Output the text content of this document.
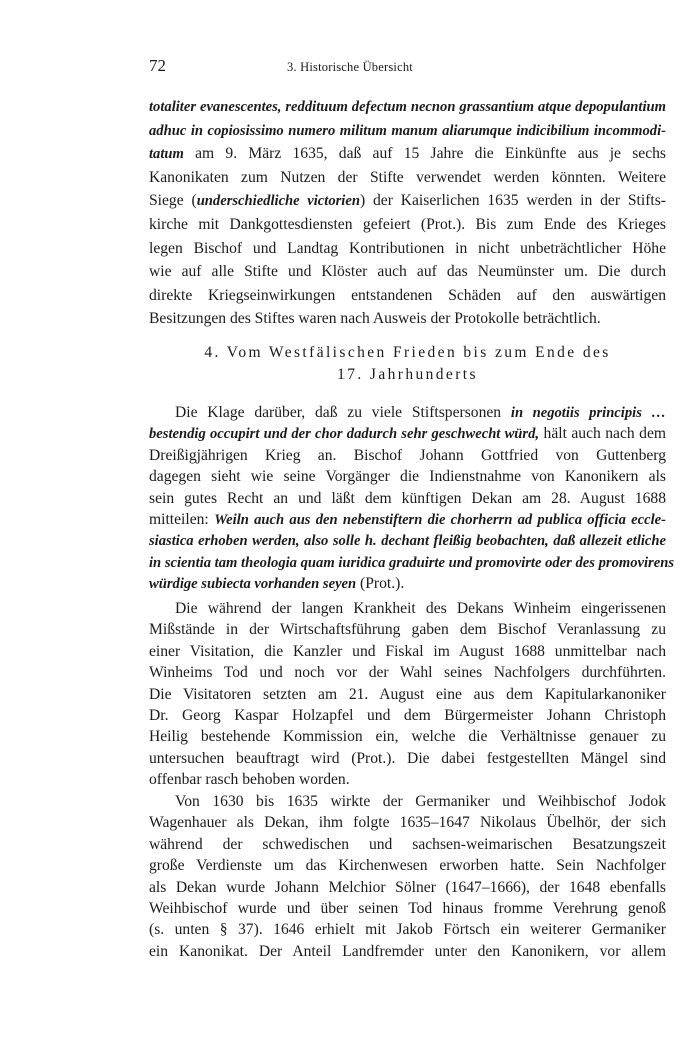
72	3. Historische Übersicht
4. Vom Westfälischen Frieden bis zum Ende des
17. Jahrhunderts
totaliter evanescentes, reddituum defectum necnon grassantium atque depopulantium
adhuc in copiosissimo numero militum manum aliarumque indicibilium incommodi-
tatum am 9. März 1635, daß auf 15 Jahre die Einkünfte aus je sechs
Kanonikaten zum Nutzen der Stifte verwendet werden könnten. Weitere
Siege (underschiedliche victorien) der Kaiserlichen 1635 werden in der Stifts-
kirche mit Dankgottesdiensten gefeiert (Prot.). Bis zum Ende des Krieges
legen Bischof und Landtag Kontributionen in nicht unbeträchtlicher Höhe
wie auf alle Stifte und Klöster auch auf das Neumünster um. Die durch
direkte Kriegseinwirkungen entstandenen Schäden auf den auswärtigen
Besitzungen des Stiftes waren nach Ausweis der Protokolle beträchtlich.
Die Klage darüber, daß zu viele Stiftspersonen in negotiis principis …
bestendig occupirt und der chor dadurch sehr geschwecht würd, hält auch nach dem
Dreißigjährigen Krieg an. Bischof Johann Gottfried von Guttenberg
dagegen sieht wie seine Vorgänger die Indienstnahme von Kanonikern als
sein gutes Recht an und läßt dem künftigen Dekan am 28. August 1688
mitteilen: Weiln auch aus den nebenstiftern die chorherrn ad publica officia eccle-
siastica erhoben werden, also solle h. dechant fleißig beobachten, daß allezeit etliche
in scientia tam theologia quam iuridica graduirte und promovirte oder des promovirens
würdige subiecta vorhanden seyen (Prot.).
Die während der langen Krankheit des Dekans Winheim eingerissenen
Mißstände in der Wirtschaftsführung gaben dem Bischof Veranlassung zu
einer Visitation, die Kanzler und Fiskal im August 1688 unmittelbar nach
Winheims Tod und noch vor der Wahl seines Nachfolgers durchführten.
Die Visitatoren setzten am 21. August eine aus dem Kapitularkanoniker
Dr. Georg Kaspar Holzapfel und dem Bürgermeister Johann Christoph
Heilig bestehende Kommission ein, welche die Verhältnisse genauer zu
untersuchen beauftragt wird (Prot.). Die dabei festgestellten Mängel sind
offenbar rasch behoben worden.
Von 1630 bis 1635 wirkte der Germaniker und Weihbischof Jodok
Wagenhauer als Dekan, ihm folgte 1635–1647 Nikolaus Übelhör, der sich
während der schwedischen und sachsen-weimarischen Besatzungszeit
große Verdienste um das Kirchenwesen erworben hatte. Sein Nachfolger
als Dekan wurde Johann Melchior Sölner (1647–1666), der 1648 ebenfalls
Weihbischof wurde und über seinen Tod hinaus fromme Verehrung genoß
(s. unten § 37). 1646 erhielt mit Jakob Förtsch ein weiterer Germaniker
ein Kanonikat. Der Anteil Landfremder unter den Kanonikern, vor allem
